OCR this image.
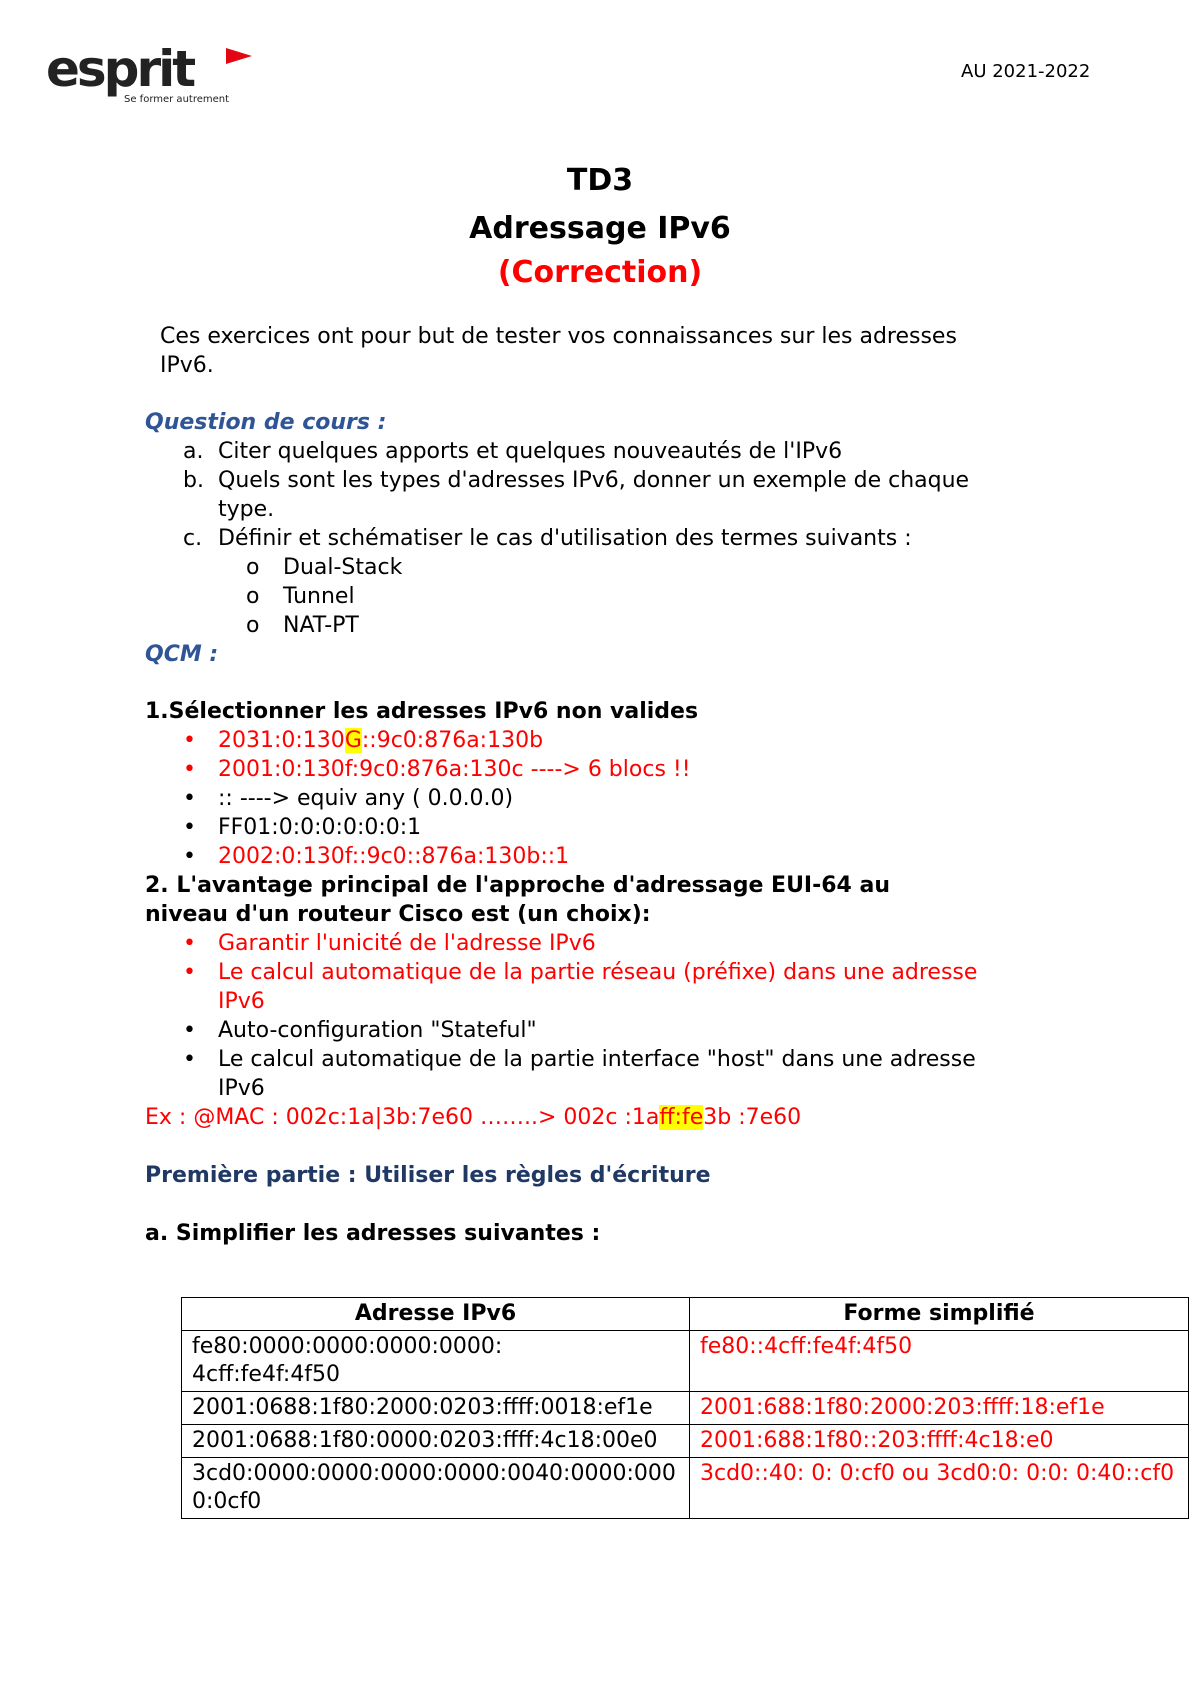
esprit
Se former autrement
AU 2021-2022
TD3
Adressage IPv6
(Correction)
Ces exercices ont pour but de tester vos connaissances sur les adresses
IPv6.
Question de cours :
a. Citer quelques apports et quelques nouveautés de l'IPv6
b. Quels sont les types d'adresses IPv6, donner un exemple de chaque
type.
c. Définir et schématiser le cas d'utilisation des termes suivants :
o Dual-Stack
o Tunnel
o NAT-PT
QCM :
1.Sélectionner les adresses IPv6 non valides
• 2031:0:130G::9c0:876a:130b
• 2001:0:130f:9c0:876a:130c ----> 6 blocs !!
• :: ----> equiv any ( 0.0.0.0)
• FF01:0:0:0:0:0:0:1
• 2002:0:130f::9c0::876a:130b::1
2. L'avantage principal de l'approche d'adressage EUI-64 au
niveau d'un routeur Cisco est (un choix):
• Garantir l'unicité de l'adresse IPv6
• Le calcul automatique de la partie réseau (préfixe) dans une adresse
IPv6
• Auto-configuration "Stateful"
• Le calcul automatique de la partie interface "host" dans une adresse
IPv6
Ex : @MAC : 002c:1a|3b:7e60 ……..> 002c :1aff:fe3b :7e60
Première partie : Utiliser les règles d'écriture
a. Simplifier les adresses suivantes :
Adresse IPv6	Forme simplifié
fe80:0000:0000:0000:0000:
4cff:fe4f:4f50	fe80::4cff:fe4f:4f50
2001:0688:1f80:2000:0203:ffff:0018:ef1e	2001:688:1f80:2000:203:ffff:18:ef1e
2001:0688:1f80:0000:0203:ffff:4c18:00e0	2001:688:1f80::203:ffff:4c18:e0
3cd0:0000:0000:0000:0000:0040:0000:0000:0cf0	3cd0::40: 0: 0:cf0 ou 3cd0:0: 0:0: 0:40::cf0
